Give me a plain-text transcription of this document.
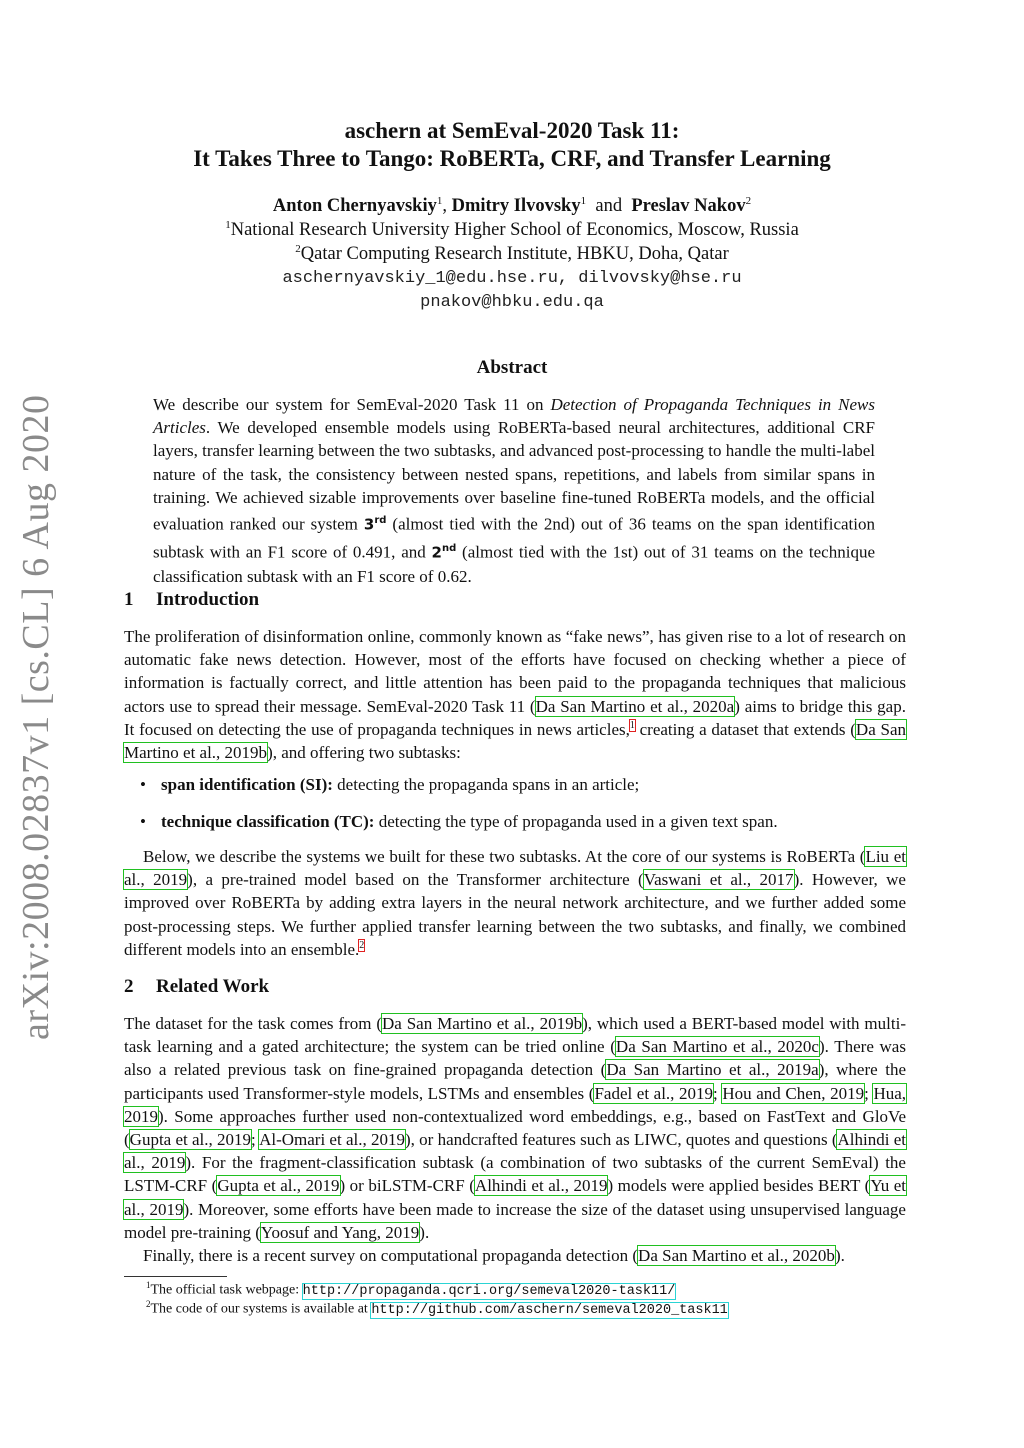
arXiv:2008.02837v1 [cs.CL] 6 Aug 2020
aschern at SemEval-2020 Task 11:
It Takes Three to Tango: RoBERTa, CRF, and Transfer Learning
Anton Chernyavskiy$^1$, Dmitry Ilvovsky$^1$ and Preslav Nakov$^2$
$^1$National Research University Higher School of Economics, Moscow, Russia
$^2$Qatar Computing Research Institute, HBKU, Doha, Qatar
aschernyavskiy_1@edu.hse.ru, dilvovsky@hse.ru
pnakov@hbku.edu.qa
Abstract
We describe our system for SemEval-2020 Task 11 on Detection of Propaganda Techniques in News Articles. We developed ensemble models using RoBERTa-based neural architectures, additional CRF layers, transfer learning between the two subtasks, and advanced post-processing to handle the multi-label nature of the task, the consistency between nested spans, repetitions, and labels from similar spans in training. We achieved sizable improvements over baseline fine-tuned RoBERTa models, and the official evaluation ranked our system 3rd (almost tied with the 2nd) out of 36 teams on the span identification subtask with an F1 score of 0.491, and 2nd (almost tied with the 1st) out of 31 teams on the technique classification subtask with an F1 score of 0.62.
1 Introduction
The proliferation of disinformation online, commonly known as “fake news”, has given rise to a lot of research on automatic fake news detection. However, most of the efforts have focused on checking whether a piece of information is factually correct, and little attention has been paid to the propaganda techniques that malicious actors use to spread their message. SemEval-2020 Task 11 (Da San Martino et al., 2020a) aims to bridge this gap. It focused on detecting the use of propaganda techniques in news articles,$^1$ creating a dataset that extends (Da San Martino et al., 2019b), and offering two subtasks:
• span identification (SI): detecting the propaganda spans in an article;
• technique classification (TC): detecting the type of propaganda used in a given text span.
Below, we describe the systems we built for these two subtasks. At the core of our systems is RoBERTa (Liu et al., 2019), a pre-trained model based on the Transformer architecture (Vaswani et al., 2017). However, we improved over RoBERTa by adding extra layers in the neural network architecture, and we further added some post-processing steps. We further applied transfer learning between the two subtasks, and finally, we combined different models into an ensemble.$^2$
2 Related Work
The dataset for the task comes from (Da San Martino et al., 2019b), which used a BERT-based model with multi-task learning and a gated architecture; the system can be tried online (Da San Martino et al., 2020c). There was also a related previous task on fine-grained propaganda detection (Da San Martino et al., 2019a), where the participants used Transformer-style models, LSTMs and ensembles (Fadel et al., 2019; Hou and Chen, 2019; Hua, 2019). Some approaches further used non-contextualized word embeddings, e.g., based on FastText and GloVe (Gupta et al., 2019; Al-Omari et al., 2019), or handcrafted features such as LIWC, quotes and questions (Alhindi et al., 2019). For the fragment-classification subtask (a combination of two subtasks of the current SemEval) the LSTM-CRF (Gupta et al., 2019) or biLSTM-CRF (Alhindi et al., 2019) models were applied besides BERT (Yu et al., 2019). Moreover, some efforts have been made to increase the size of the dataset using unsupervised language model pre-training (Yoosuf and Yang, 2019).
Finally, there is a recent survey on computational propaganda detection (Da San Martino et al., 2020b).
$^1$The official task webpage: http://propaganda.qcri.org/semeval2020-task11/
$^2$The code of our systems is available at http://github.com/aschern/semeval2020_task11
